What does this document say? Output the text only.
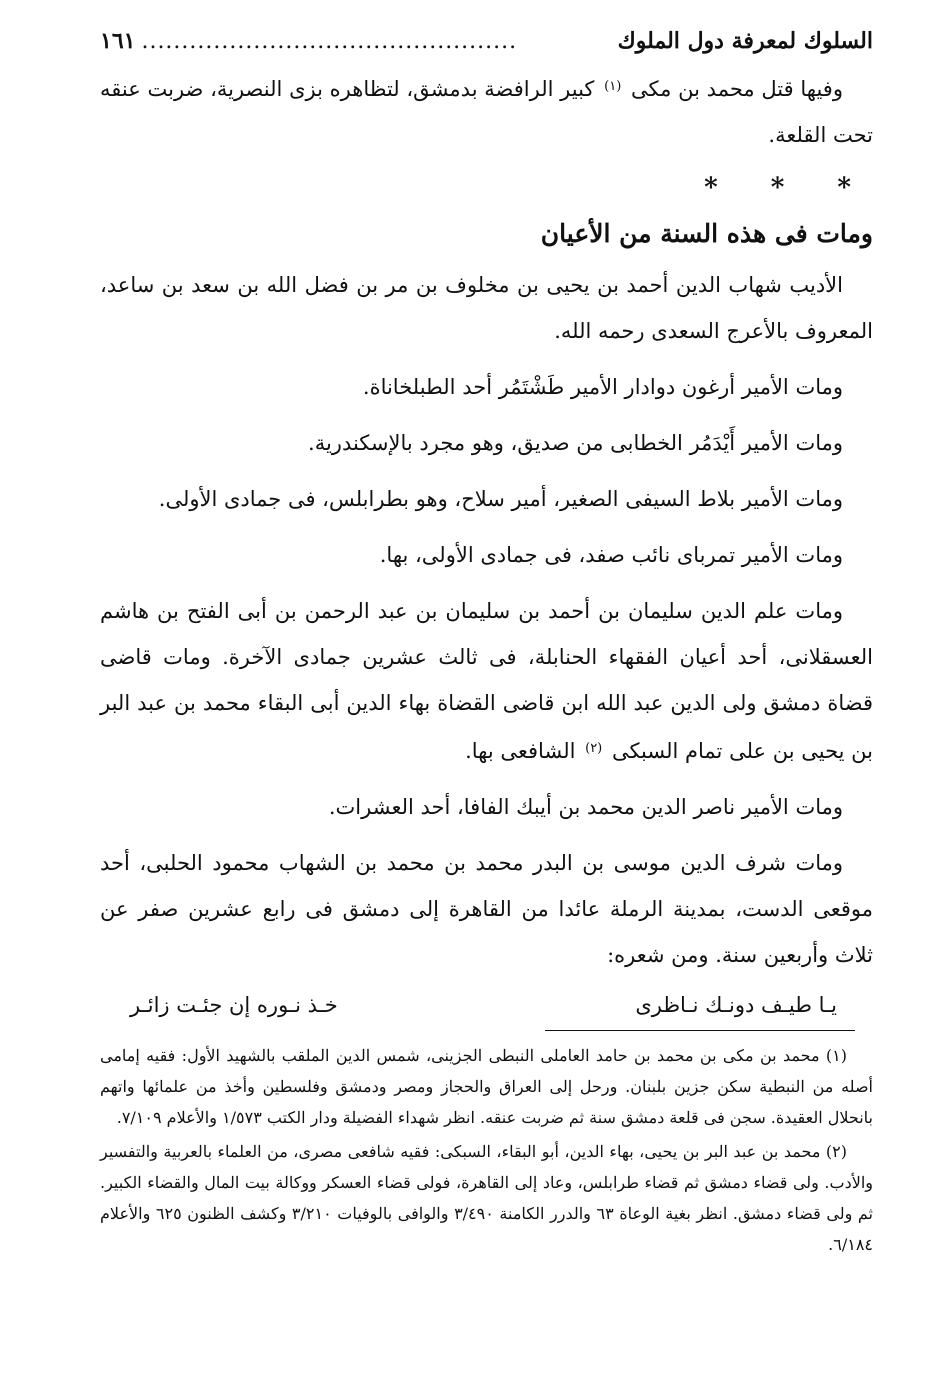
السلوك لمعرفة دول الملوك
...............................................
١٦١

وفيها قتل محمد بن مكى $^{(١)}$ كبير الرافضة بدمشق، لتظاهره بزى النصرية، ضربت عنقه تحت القلعة.

* * *
ومات فى هذه السنة من الأعيان

الأديب شهاب الدين أحمد بن يحيى بن مخلوف بن مر بن فضل الله بن سعد بن ساعد، المعروف بالأعرج السعدى رحمه الله.

ومات الأمير أرغون دوادار الأمير طَشْتَمُر أحد الطبلخاناة.

ومات الأمير أَيْدَمُر الخطابى من صديق، وهو مجرد بالإسكندرية.

ومات الأمير بلاط السيفى الصغير، أمير سلاح، وهو بطرابلس، فى جمادى الأولى.

ومات الأمير تمرباى نائب صفد، فى جمادى الأولى، بها.

ومات علم الدين سليمان بن أحمد بن سليمان بن عبد الرحمن بن أبى الفتح بن هاشم العسقلانى، أحد أعيان الفقهاء الحنابلة، فى ثالث عشرين جمادى الآخرة. ومات قاضى قضاة دمشق ولى الدين عبد الله ابن قاضى القضاة بهاء الدين أبى البقاء محمد بن عبد البر بن يحيى بن على تمام السبكى $^{(٢)}$ الشافعى بها.

ومات الأمير ناصر الدين محمد بن أيبك الفافا، أحد العشرات.

ومات شرف الدين موسى بن البدر محمد بن محمد بن الشهاب محمود الحلبى، أحد موقعى الدست، بمدينة الرملة عائدا من القاهرة إلى دمشق فى رابع عشرين صفر عن ثلاث وأربعين سنة. ومن شعره:

يـا طيـف دونـك نـاظرى
خـذ نـوره إن جئـت زائـر

(١) محمد بن مكى بن محمد بن حامد العاملى النبطى الجزينى، شمس الدين الملقب بالشهيد الأول: فقيه إمامى أصله من النبطية سكن جزين بلبنان. ورحل إلى العراق والحجاز ومصر ودمشق وفلسطين وأخذ من علمائها واتهم بانحلال العقيدة. سجن فى قلعة دمشق سنة ثم ضربت عنقه. انظر شهداء الفضيلة ودار الكتب ١/٥٧٣ والأعلام ٧/١٠٩.

(٢) محمد بن عبد البر بن يحيى، بهاء الدين، أبو البقاء، السبكى: فقيه شافعى مصرى، من العلماء بالعربية والتفسير والأدب. ولى قضاء دمشق ثم قضاء طرابلس، وعاد إلى القاهرة، فولى قضاء العسكر ووكالة بيت المال والقضاء الكبير. ثم ولى قضاء دمشق. انظر بغية الوعاة ٦٣ والدرر الكامنة ٣/٤٩٠ والوافى بالوفيات ٣/٢١٠ وكشف الظنون ٦٢٥ والأعلام ٦/١٨٤.
